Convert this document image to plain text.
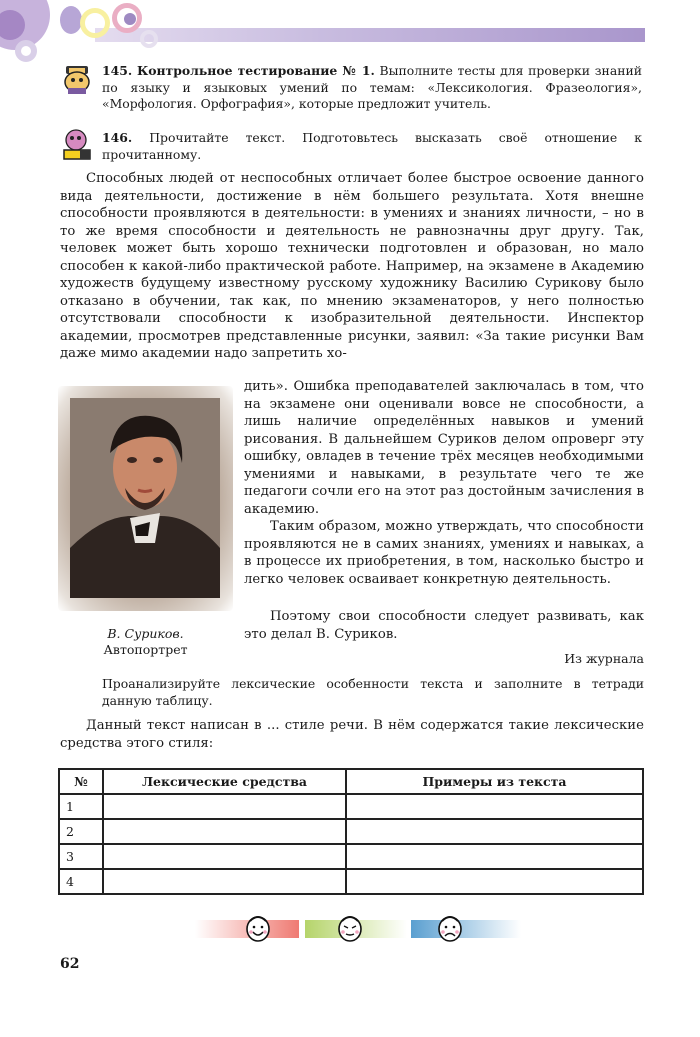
145. Контрольное тестирование № 1. Выполните тесты для проверки знаний по языку и языковых умений по темам: «Лексикология. Фразеология», «Морфология. Орфография», которые предложит учитель.
146. Прочитайте текст. Подготовьтесь высказать своё отношение к прочитанному.

Способных людей от неспособных отличает более быстрое освоение данного вида деятельности, достижение в нём большего результата. Хотя внешне способности проявляются в деятельности: в умениях и знаниях личности, – но в то же время способности и деятельность не равнозначны друг другу. Так, человек может быть хорошо технически подготовлен и образован, но мало способен к какой-либо практической работе. Например, на экзамене в Академию художеств будущему известному русскому художнику Василию Сурикову было отказано в обучении, так как, по мнению экзаменаторов, у него полностью отсутствовали способности к изобразительной деятельности. Инспектор академии, просмотрев представленные рисунки, заявил: «За такие рисунки Вам даже мимо академии надо запретить хо-

В. Суриков.
Автопортрет

дить». Ошибка преподавателей заключалась в том, что на экзамене они оценивали вовсе не способности, а лишь наличие определённых навыков и умений рисования. В дальнейшем Суриков делом опроверг эту ошибку, овладев в течение трёх месяцев необходимыми умениями и навыками, в результате чего те же педагоги сочли его на этот раз достойным зачисления в академию.

Таким образом, можно утверждать, что способности проявляются не в самих знаниях, умениях и навыках, а в процессе их приобретения, в том, насколько быстро и легко человек осваивает конкретную деятельность.

Поэтому свои способности следует развивать, как это делал В. Суриков.

Из журнала

Проанализируйте лексические особенности текста и заполните в тетради данную таблицу.

Данный текст написан в ... стиле речи. В нём содержатся такие лексические средства этого стиля:

№	Лексические средства	Примеры из текста
1		
2		
3		
4		
62
